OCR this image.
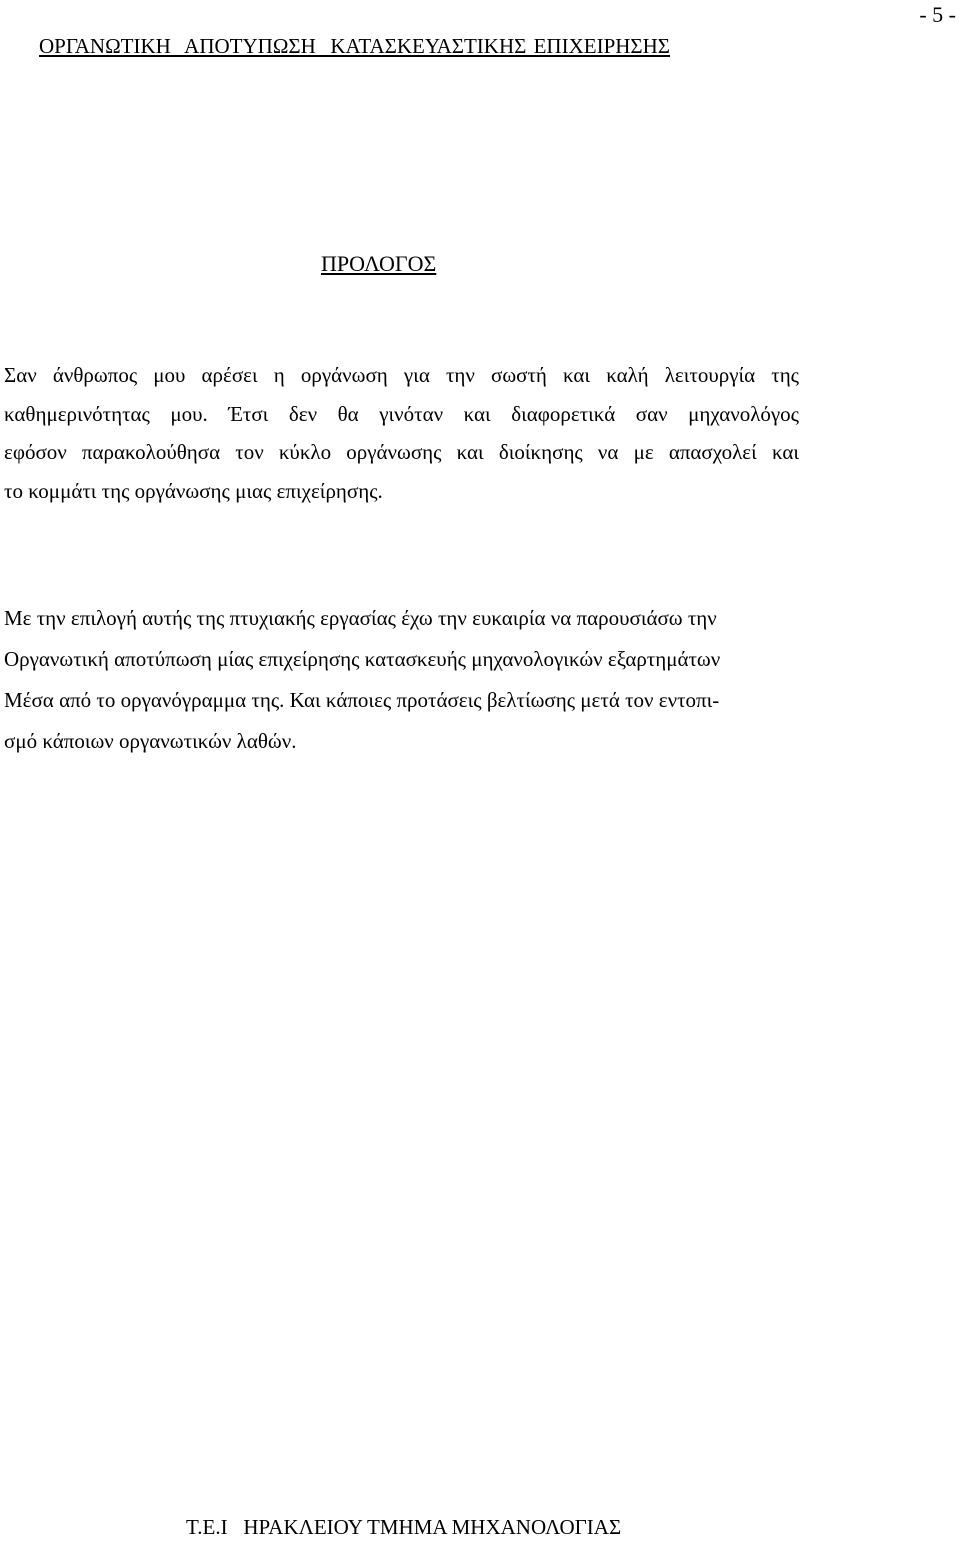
- 5 -
ΟΡΓΑΝΩΤΙΚΗ  ΑΠΟΤΥΠΩΣΗ  ΚΑΤΑΣΚΕΥΑΣΤΙΚΗΣ ΕΠΙΧΕΙΡΗΣΗΣ
ΠΡΟΛΟΓΟΣ

Σαν άνθρωπος μου αρέσει η οργάνωση για την σωστή και καλή λειτουργία της
καθημερινότητας μου. Έτσι δεν θα γινόταν και διαφορετικά σαν μηχανολόγος
εφόσον παρακολούθησα τον κύκλο οργάνωσης και διοίκησης να με απασχολεί και
το κομμάτι της οργάνωσης μιας επιχείρησης.

Με την επιλογή αυτής της πτυχιακής εργασίας έχω την ευκαιρία να παρουσιάσω την
Οργανωτική αποτύπωση μίας επιχείρησης κατασκευής μηχανολογικών εξαρτημάτων
Μέσα από το οργανόγραμμα της. Και κάποιες προτάσεις βελτίωσης μετά τον εντοπι-
σμό κάποιων οργανωτικών λαθών.

Τ.Ε.Ι   ΗΡΑΚΛΕΙΟΥ ΤΜΗΜΑ ΜΗΧΑΝΟΛΟΓΙΑΣ
